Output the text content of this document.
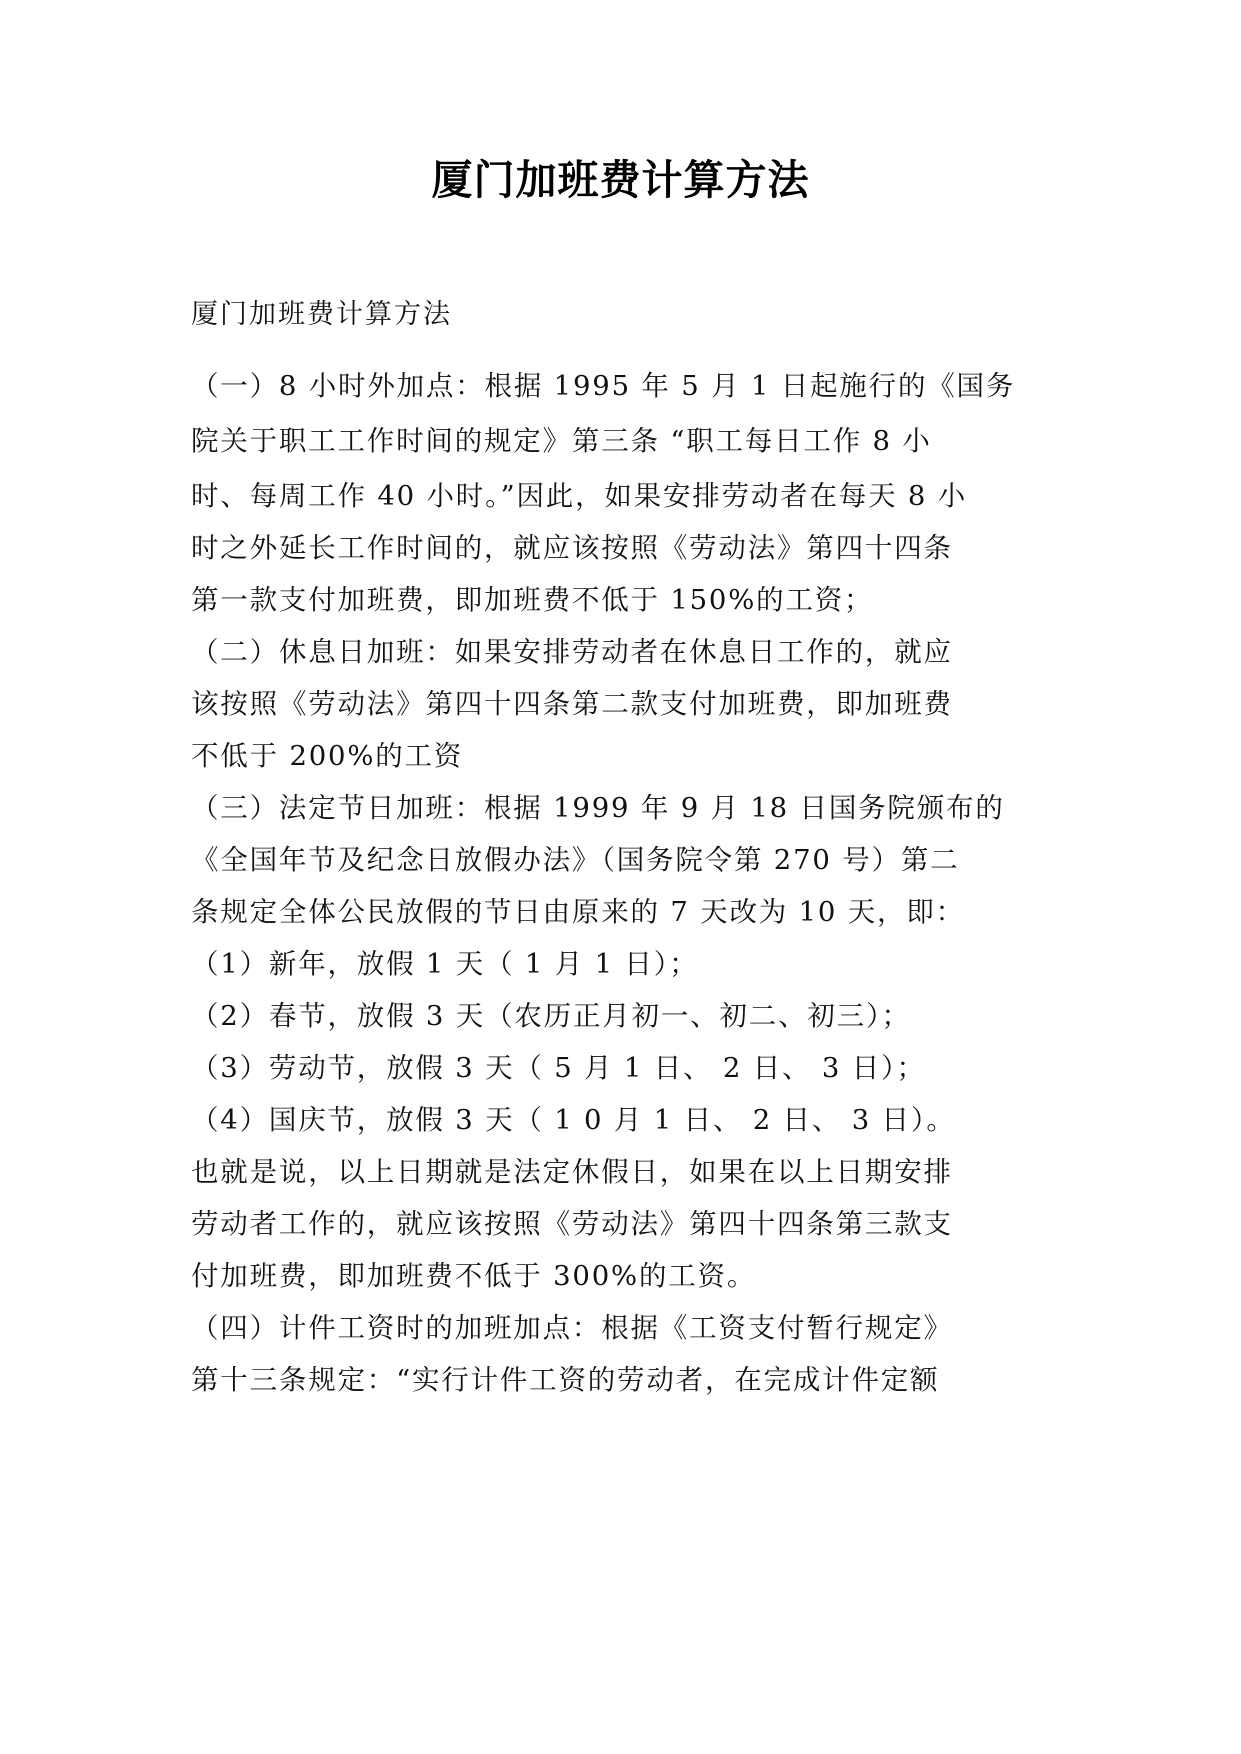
厦门加班费计算方法
厦门加班费计算方法
（一）8 小时外加点：根据 1995 年 5 月 1 日起施行的《国务
院关于职工工作时间的规定》第三条 “职工每日工作 8 小
时、每周工作 40 小时。”因此，如果安排劳动者在每天 8 小
时之外延长工作时间的，就应该按照《劳动法》第四十四条
第一款支付加班费，即加班费不低于 150%的工资；
（二）休息日加班：如果安排劳动者在休息日工作的，就应
该按照《劳动法》第四十四条第二款支付加班费，即加班费
不低于 200%的工资
（三）法定节日加班：根据 1999 年 9 月 18 日国务院颁布的
《全国年节及纪念日放假办法》（国务院令第 270 号）第二
条规定全体公民放假的节日由原来的 7 天改为 10 天，即：
（1）新年，放假 1 天（ 1 月 1 日）；
（2）春节，放假 3 天（农历正月初一、初二、初三）；
（3）劳动节，放假 3 天（ 5 月 1 日、 2 日、 3 日）；
（4）国庆节，放假 3 天（ 1 0 月 1 日、 2 日、 3 日）。
也就是说，以上日期就是法定休假日，如果在以上日期安排
劳动者工作的，就应该按照《劳动法》第四十四条第三款支
付加班费，即加班费不低于 300%的工资。
（四）计件工资时的加班加点：根据《工资支付暂行规定》
第十三条规定：“实行计件工资的劳动者，在完成计件定额
